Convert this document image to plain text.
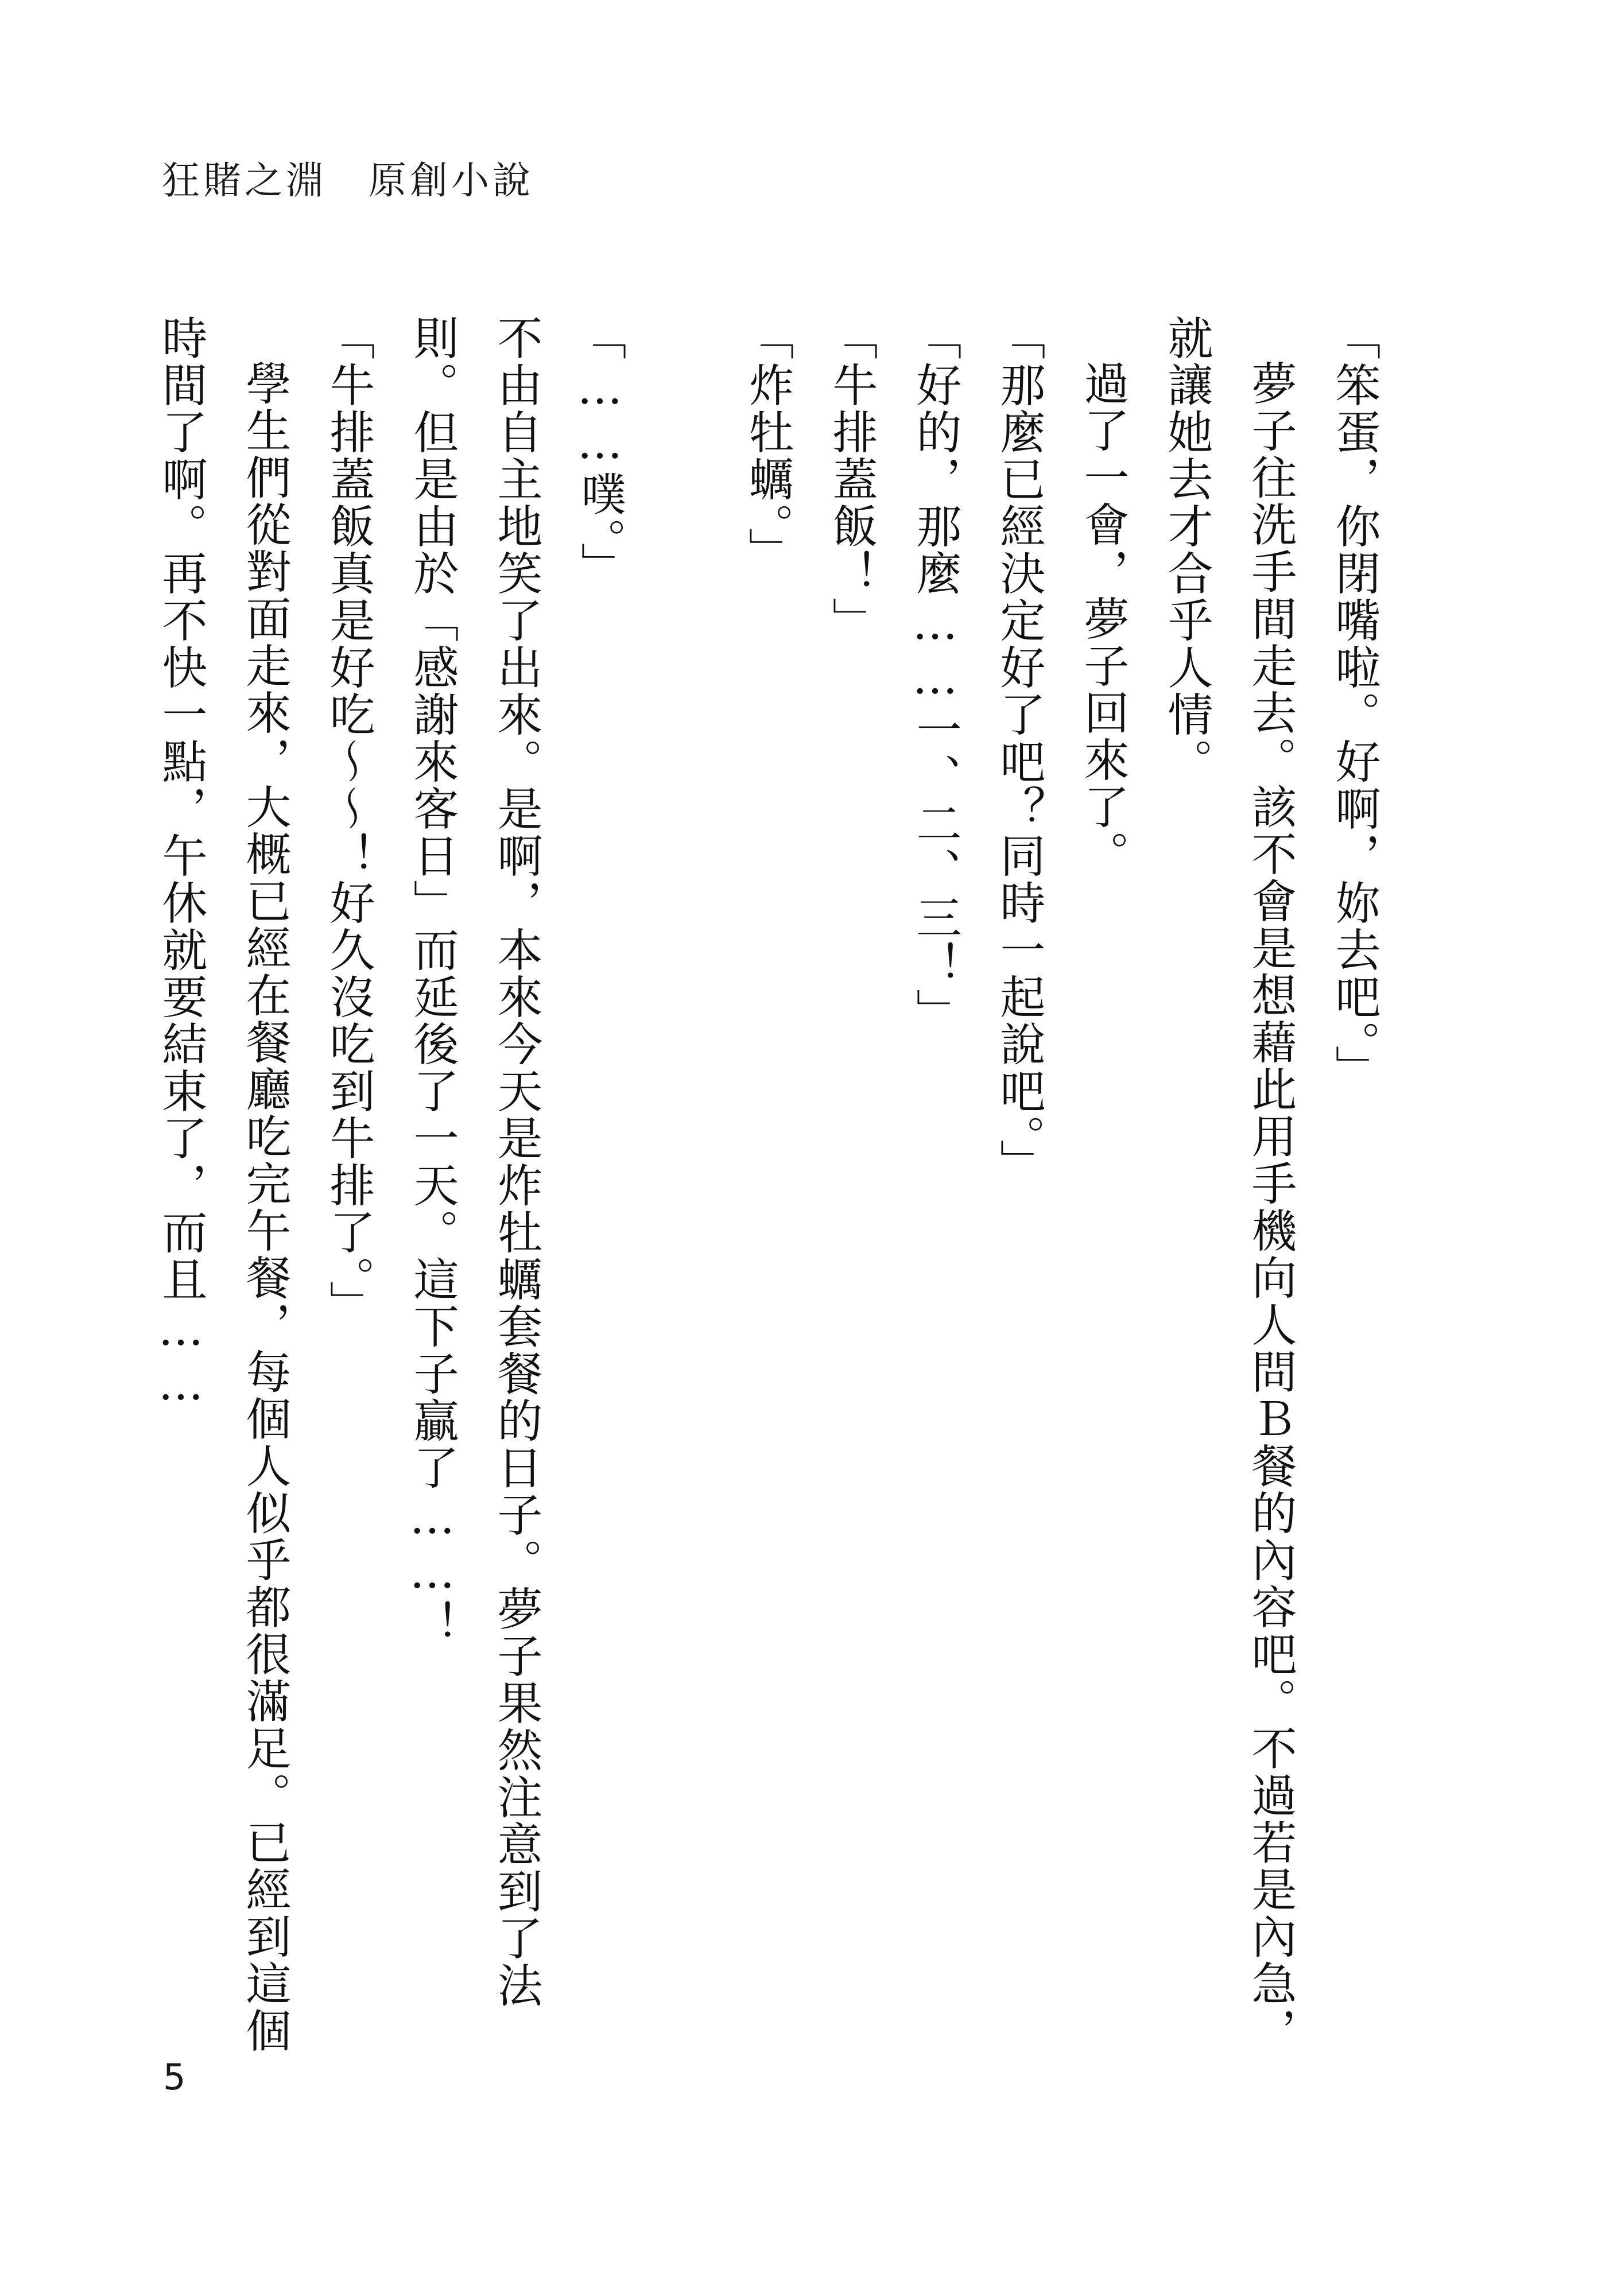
狂賭之淵　原創小說

「笨蛋，你閉嘴啦。好啊，妳去吧。」

夢子往洗手間走去。該不會是想藉此用手機向人問Ｂ餐的內容吧。不過若是內急，就讓她去才合乎人情。

過了一會，夢子回來了。

「那麼已經決定好了吧？同時一起說吧。」

「好的，那麼……一、二、三！」

「牛排蓋飯！」

「炸牡蠣。」

「……噗。」

不由自主地笑了出來。是啊，本來今天是炸牡蠣套餐的日子。夢子果然注意到了法則。但是由於「感謝來客日」而延後了一天。這下子贏了……！

「牛排蓋飯真是好吃〜〜！好久沒吃到牛排了。」

學生們從對面走來，大概已經在餐廳吃完午餐，每個人似乎都很滿足。已經到這個時間了啊。再不快一點，午休就要結束了，而且……

5
